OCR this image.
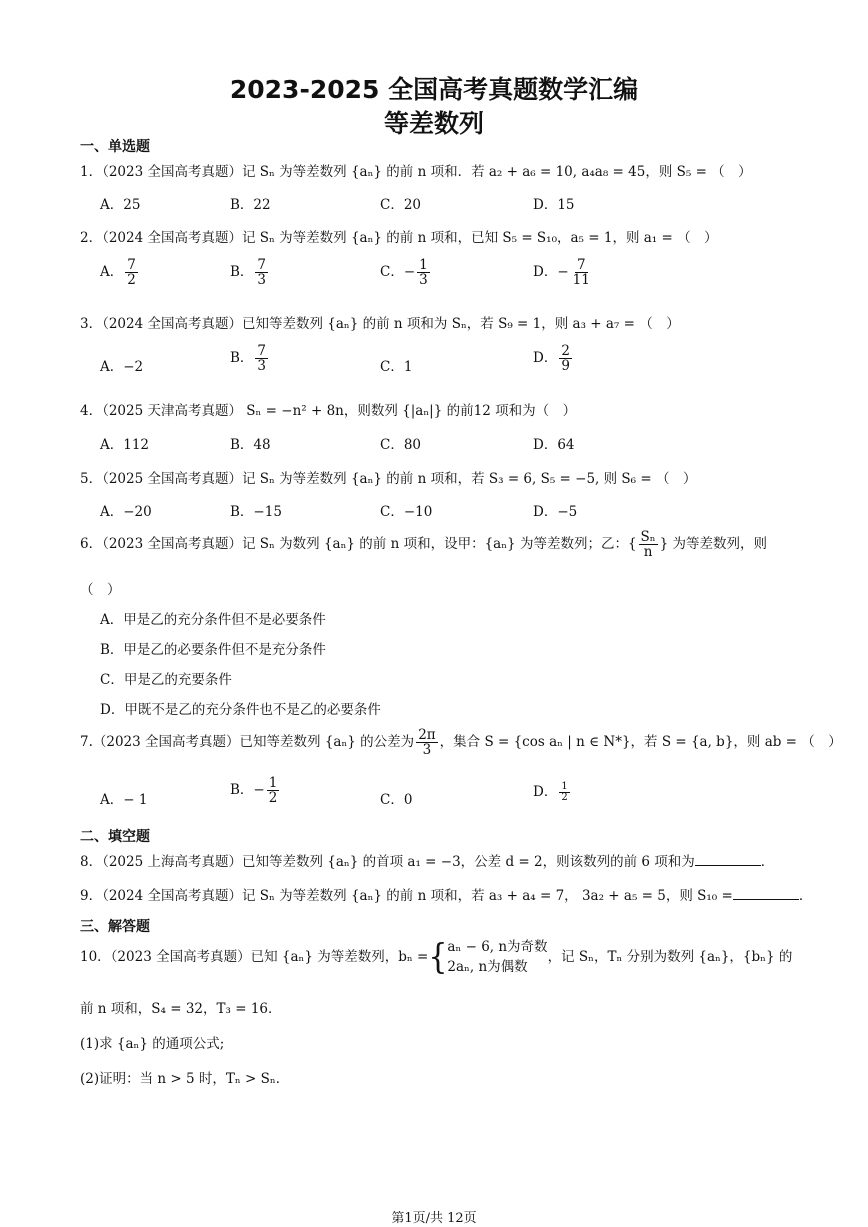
2023-2025 全国高考真题数学汇编
等差数列
一、单选题
1．（2023 全国高考真题）记 Sₙ 为等差数列 {aₙ} 的前 n 项和．若 a₂ + a₆ = 10, a₄a₈ = 45，则 S₅ = （　）
A．25	B．22	C．20	D．15
2．（2024 全国高考真题）记 Sₙ 为等差数列 {aₙ} 的前 n 项和，已知 S₅ = S₁₀，a₅ = 1，则 a₁ = （　）
A． $\frac{7}{2}$	B． $\frac{7}{3}$	C．− $\frac{1}{3}$	D．− $\frac{7}{11}$
3．（2024 全国高考真题）已知等差数列 {aₙ} 的前 n 项和为 Sₙ，若 S₉ = 1，则 a₃ + a₇ = （　）
A．−2
B． $\frac{7}{3}$	C．1
D． $\frac{2}{9}$
4．（2025 天津高考真题） Sₙ = −n² + 8n，则数列 {|aₙ|} 的前12 项和为（　）
A．112	B．48	C．80	D．64
5．（2025 全国高考真题）记 Sₙ 为等差数列 {aₙ} 的前 n 项和，若 S₃ = 6, S₅ = −5, 则 S₆ = （　）
A．−20	B．−15	C．−10	D．−5
6．（2023 全国高考真题）记 Sₙ 为数列 {aₙ} 的前 n 项和，设甲：{aₙ} 为等差数列；乙：{ $\frac{\text{Sₙ}}{n}$ } 为等差数列，则
（　）
A．甲是乙的充分条件但不是必要条件
B．甲是乙的必要条件但不是充分条件
C．甲是乙的充要条件
D．甲既不是乙的充分条件也不是乙的必要条件
7.（2023 全国高考真题）已知等差数列 {aₙ} 的公差为 $\frac{2\pi}{3}$ ，集合 S = {cos aₙ | n ∈ N*}，若 S = {a, b}，则 ab = （　）
A．− 1
B．− $\frac{1}{2}$	C．0	D． $\frac{1}{2}$
二、填空题
8．（2025 上海高考真题）已知等差数列 {aₙ} 的首项 a₁ = −3，公差 d = 2，则该数列的前 6 项和为	．
9．（2024 全国高考真题）记 Sₙ 为等差数列 {aₙ} 的前 n 项和，若 a₃ + a₄ = 7， 3a₂ + a₅ = 5，则 S₁₀ =	．
三、解答题
10．（2023 全国高考真题）已知 {aₙ} 为等差数列，bₙ ={ aₙ − 6, n为奇数
2aₙ, n为偶数
，记 Sₙ，Tₙ 分别为数列 {aₙ}，{bₙ} 的
前 n 项和，S₄ = 32，T₃ = 16．
(1)求 {aₙ} 的通项公式;
(2)证明：当 n > 5 时，Tₙ > Sₙ．
第1页/共 12页
